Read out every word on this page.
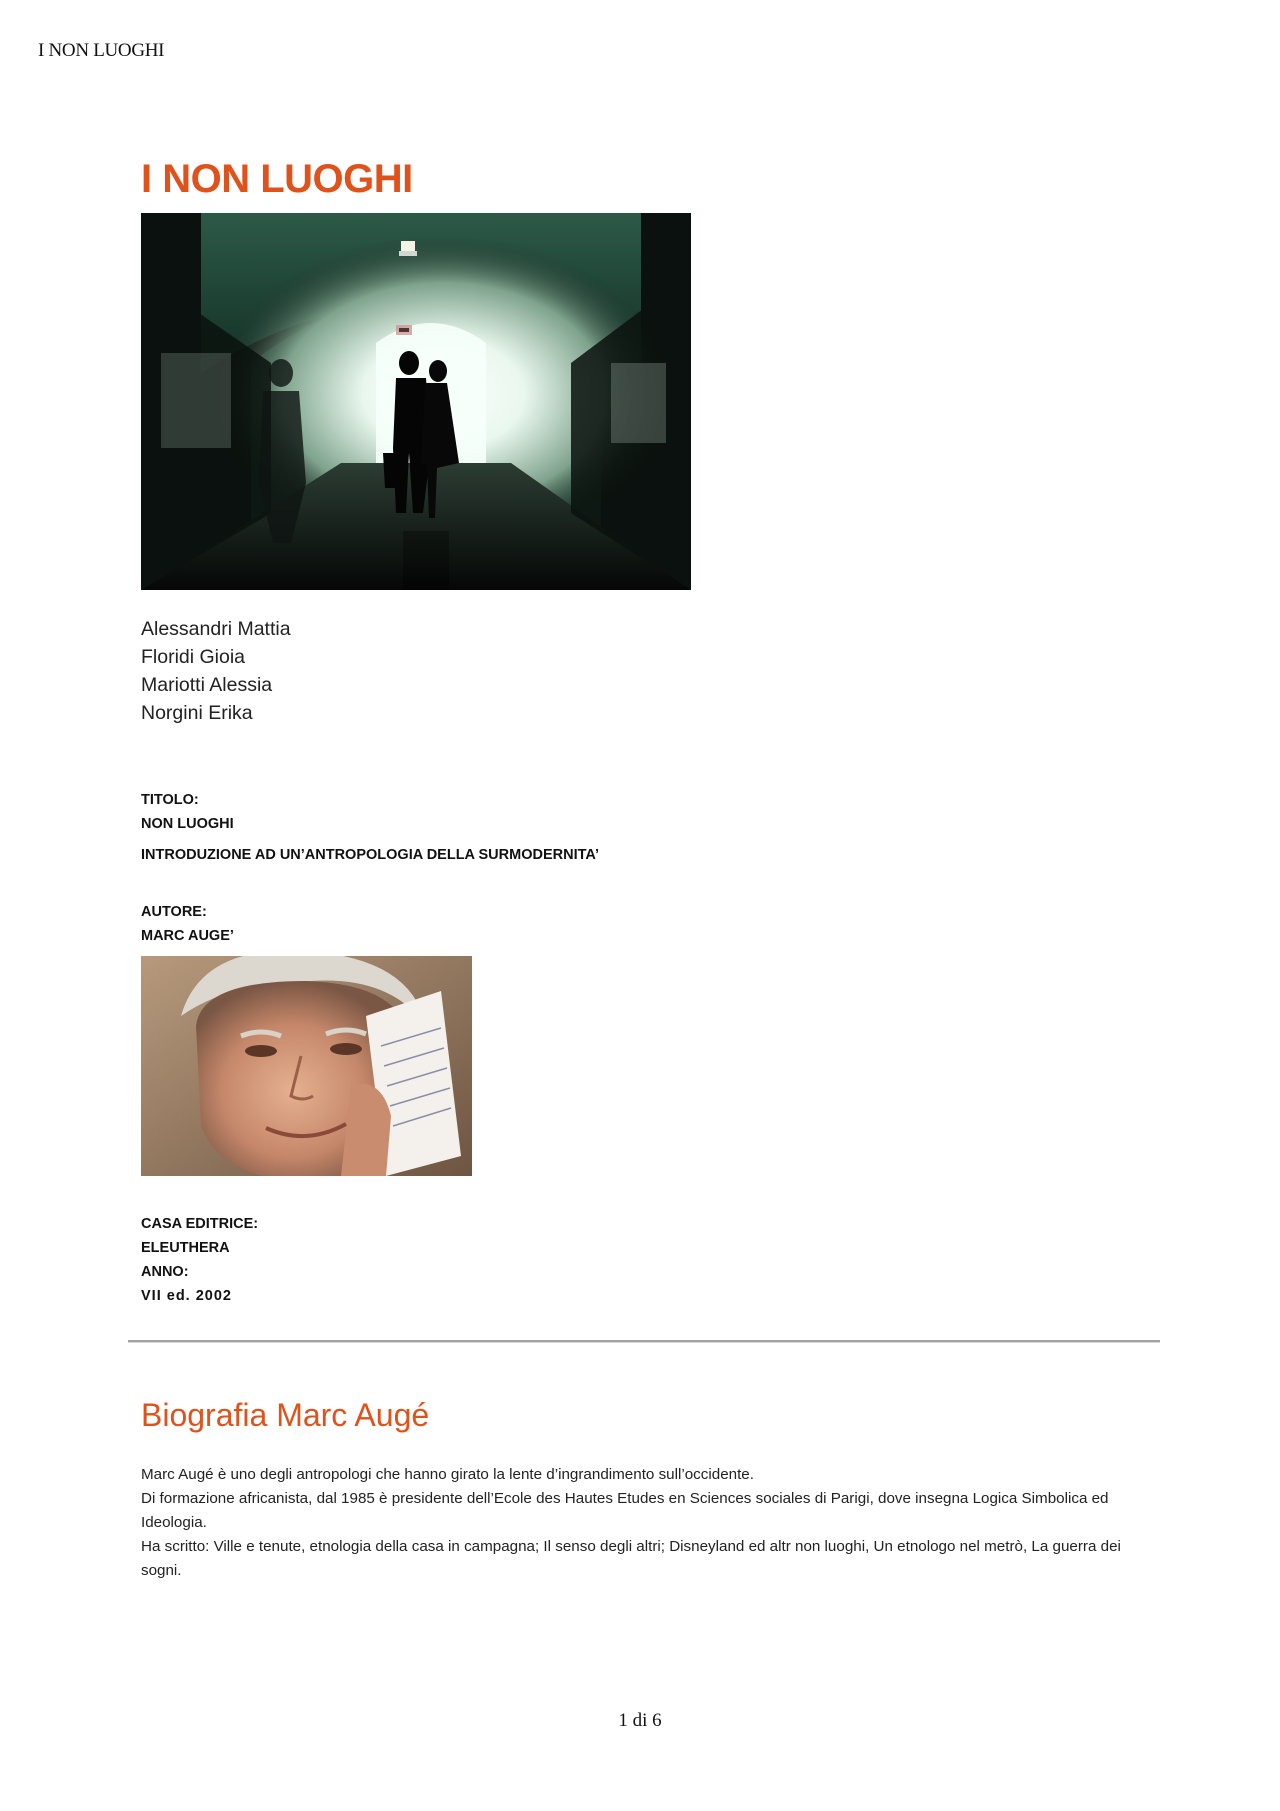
I NON LUOGHI
I NON LUOGHI
Alessandri Mattia
Floridi Gioia
Mariotti Alessia
Norgini Erika
TITOLO:
NON LUOGHI
INTRODUZIONE AD UN’ANTROPOLOGIA DELLA SURMODERNITA’
AUTORE:
MARC AUGE’
CASA EDITRICE:
ELEUTHERA
ANNO:
VII ed. 2002
Biografia Marc Augé

Marc Augé è uno degli antropologi che hanno girato la lente d’ingrandimento sull’occidente.

Di formazione africanista, dal 1985 è presidente dell’Ecole des Hautes Etudes en Sciences sociales di Parigi, dove insegna Logica Simbolica ed Ideologia.

Ha scritto: Ville e tenute, etnologia della casa in campagna; Il senso degli altri; Disneyland ed altr non luoghi, Un etnologo nel metrò, La guerra dei sogni.

1 di 6
